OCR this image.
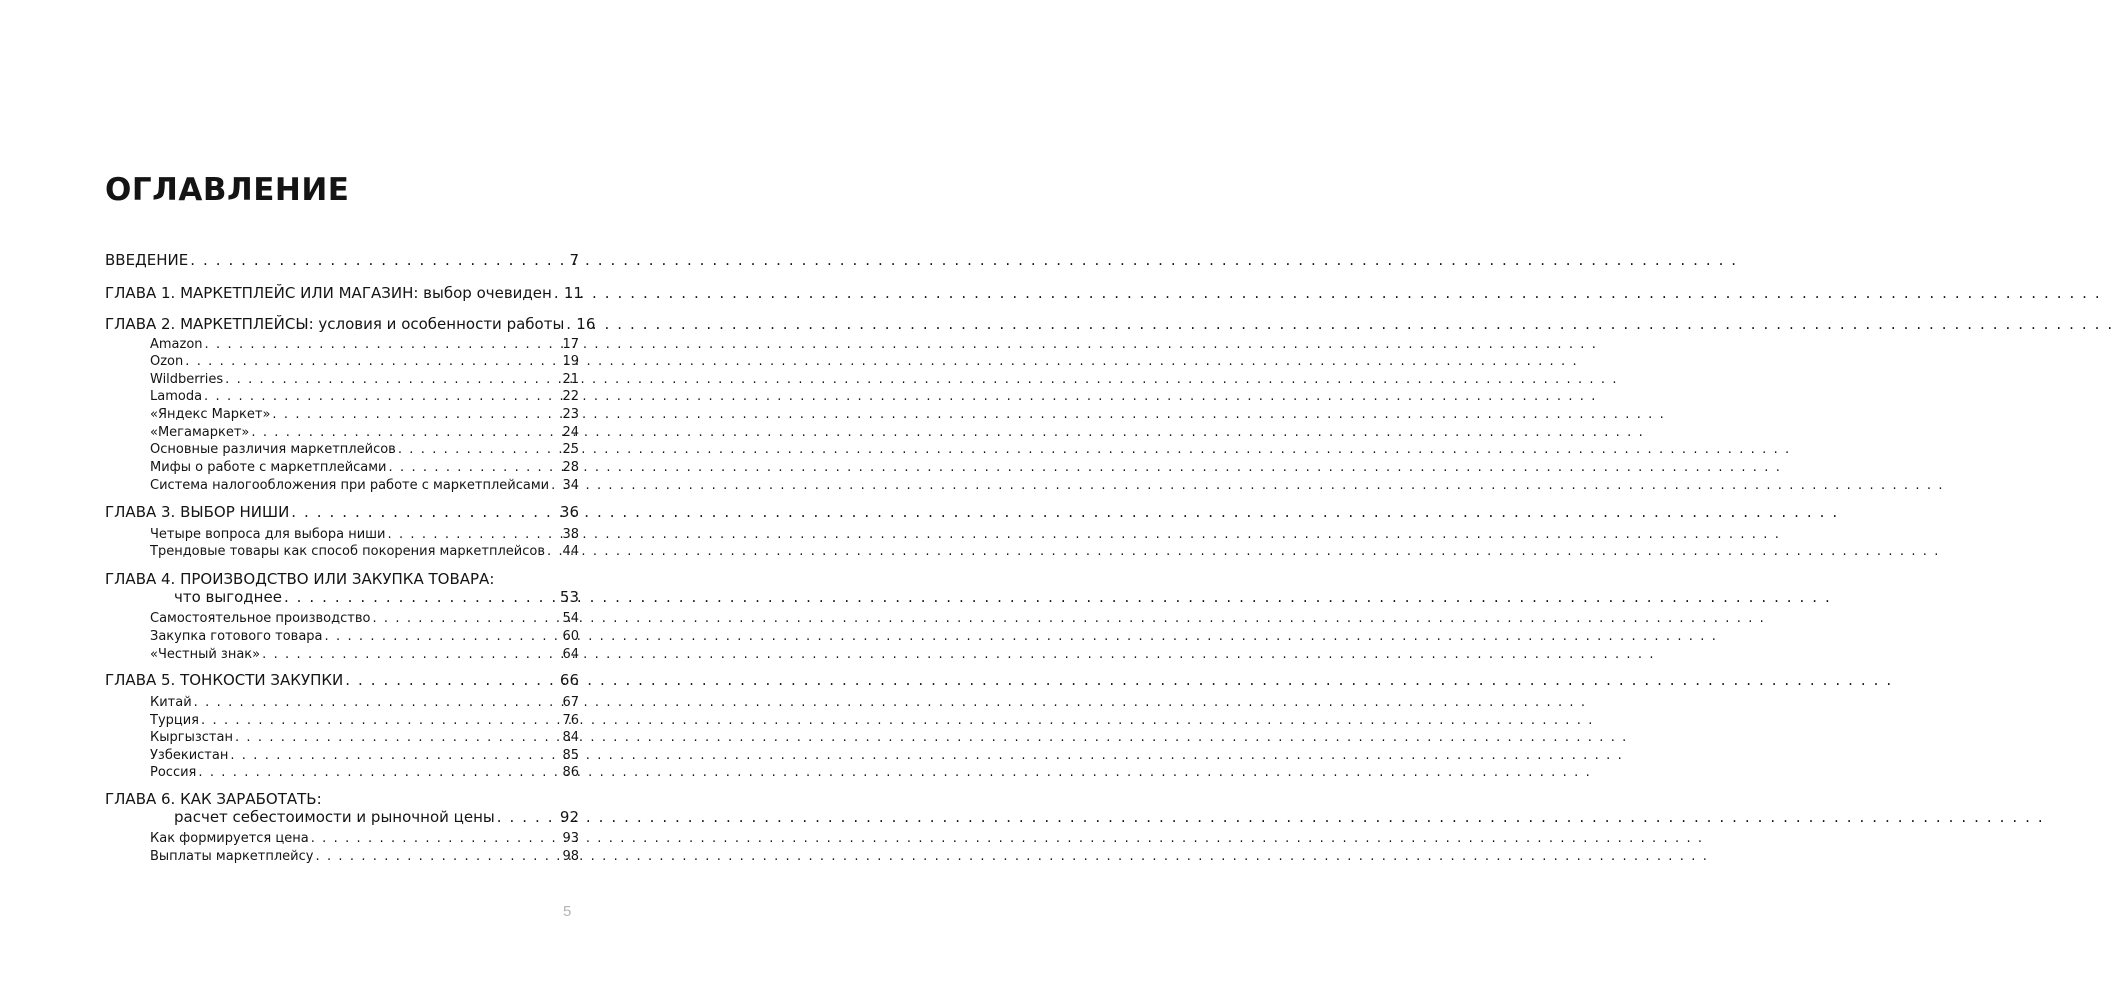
ОГЛАВЛЕНИЕ
ВВЕДЕНИЕ . . .	7
ГЛАВА 1. МАРКЕТПЛЕЙС ИЛИ МАГАЗИН: выбор очевиден . . . 11
ГЛАВА 2. МАРКЕТПЛЕЙСЫ: условия и особенности работы . . . 16
Amazon . . .	17
Ozon . . .	19
Wildberries . . .	21
Lamoda . . .	22
«Яндекс Маркет» . . .	23
«Мегамаркет» . . .	24
Основные различия маркетплейсов . . .	25
Мифы о работе с маркетплейсами . . .	28
Система налогообложения при работе с маркетплейсами . . . 34
ГЛАВА 3. ВЫБОР НИШИ . . .	36
Четыре вопроса для выбора ниши . . .	38
Трендовые товары как способ покорения маркетплейсов . . . 44
ГЛАВА 4. ПРОИЗВОДСТВО ИЛИ ЗАКУПКА ТОВАРА:
что выгоднее . . .	53
Самостоятельное производство . . .	54
Закупка готового товара . . .	60
«Честный знак» . . .	64
ГЛАВА 5. ТОНКОСТИ ЗАКУПКИ . . .	66
Китай . . .	67
Турция . . .	76
Кыргызстан . . .	84
Узбекистан . . .	85
Россия . . .	86
ГЛАВА 6. КАК ЗАРАБОТАТЬ:
расчет себестоимости и рыночной цены . . .	92
Как формируется цена . . .	93
Выплаты маркетплейсу . . .	98
5
